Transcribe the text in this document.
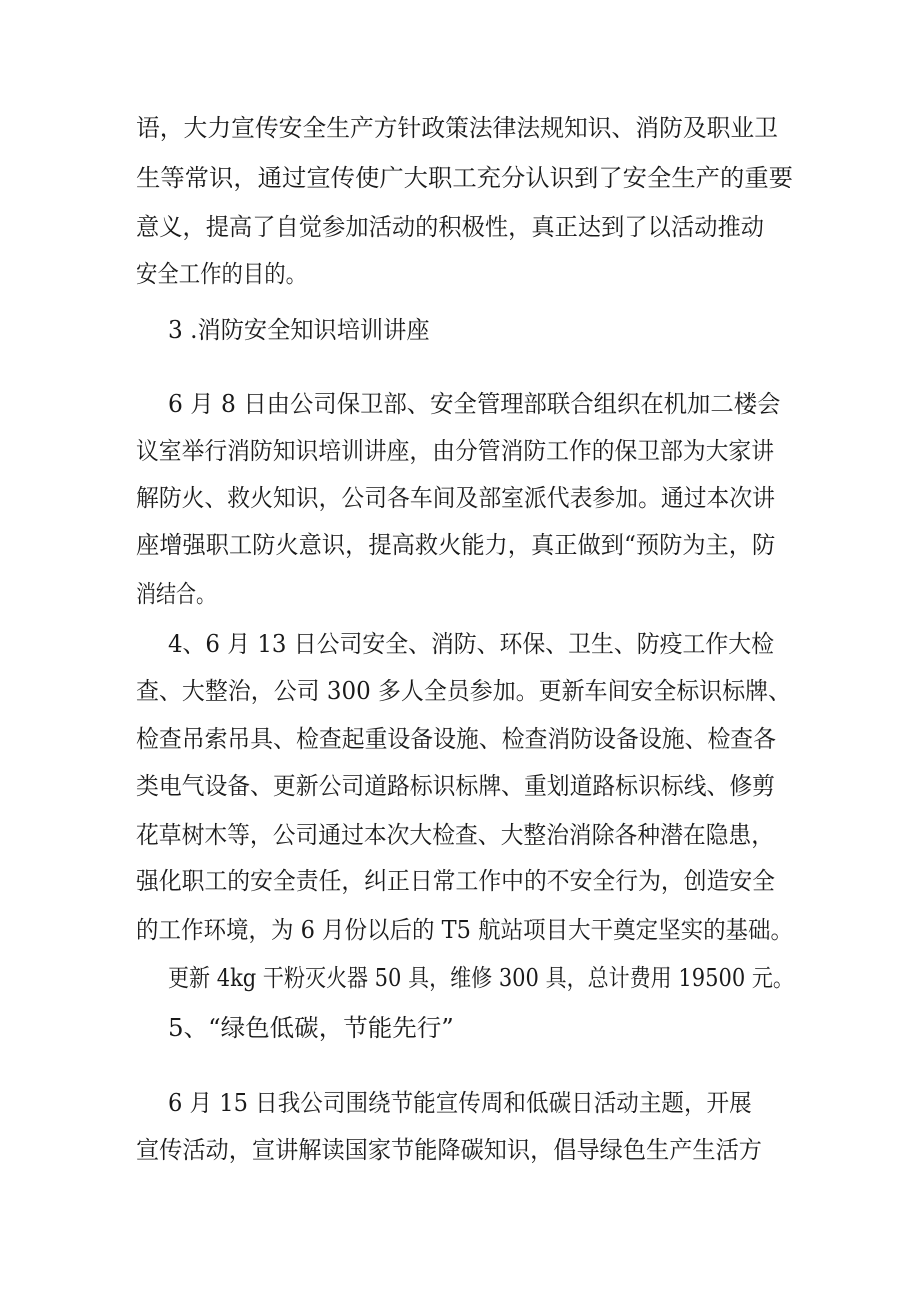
语，大力宣传安全生产方针政策法律法规知识、消防及职业卫
生等常识，通过宣传使广大职工充分认识到了安全生产的重要
意义，提高了自觉参加活动的积极性，真正达到了以活动推动
安全工作的目的。
3 .消防安全知识培训讲座
6 月 8 日由公司保卫部、安全管理部联合组织在机加二楼会
议室举行消防知识培训讲座，由分管消防工作的保卫部为大家讲
解防火、救火知识，公司各车间及部室派代表参加。通过本次讲
座增强职工防火意识，提高救火能力，真正做到“预防为主，防
消结合。
4、6 月 13 日公司安全、消防、环保、卫生、防疫工作大检
查、大整治，公司 300 多人全员参加。更新车间安全标识标牌、
检查吊索吊具、检查起重设备设施、检查消防设备设施、检查各
类电气设备、更新公司道路标识标牌、重划道路标识标线、修剪
花草树木等，公司通过本次大检查、大整治消除各种潜在隐患，
强化职工的安全责任，纠正日常工作中的不安全行为，创造安全
的工作环境，为 6 月份以后的 T5 航站项目大干奠定坚实的基础。
更新 4kg 干粉灭火器 50 具，维修 300 具，总计费用 19500 元。
5、“绿色低碳，节能先行”
6 月 15 日我公司围绕节能宣传周和低碳日活动主题，开展
宣传活动，宣讲解读国家节能降碳知识，倡导绿色生产生活方
